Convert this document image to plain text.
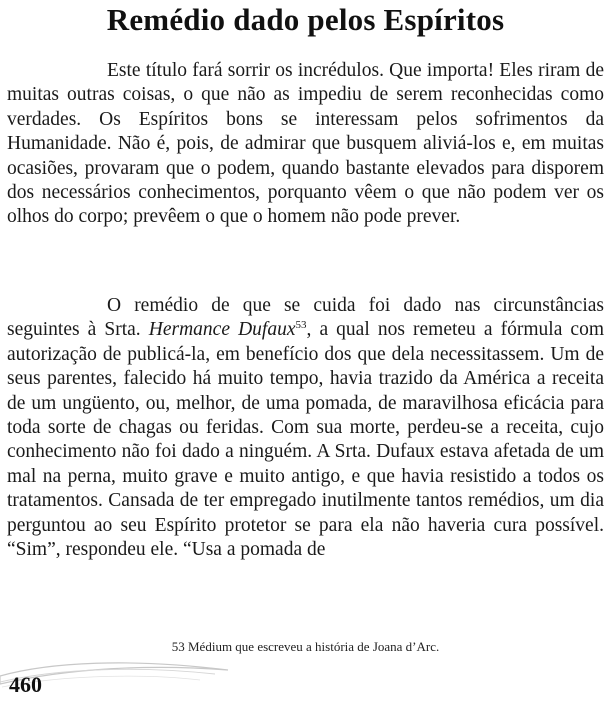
Remédio dado pelos Espíritos

Este título fará sorrir os incrédulos. Que importa! Eles riram de muitas outras coisas, o que não as impediu de serem reconhecidas como verdades. Os Espíritos bons se interessam pelos sofrimentos da Humanidade. Não é, pois, de admirar que busquem aliviá-los e, em muitas ocasiões, provaram que o podem, quando bastante elevados para disporem dos necessários conhecimentos, porquanto vêem o que não podem ver os olhos do corpo; prevêem o que o homem não pode prever.

O remédio de que se cuida foi dado nas circunstâncias seguintes à Srta. Hermance Dufaux$^{53}$, a qual nos remeteu a fórmula com autorização de publicá-la, em benefício dos que dela necessitassem. Um de seus parentes, falecido há muito tempo, havia trazido da América a receita de um ungüento, ou, melhor, de uma pomada, de maravilhosa eficácia para toda sorte de chagas ou feridas. Com sua morte, perdeu-se a receita, cujo conhecimento não foi dado a ninguém. A Srta. Dufaux estava afetada de um mal na perna, muito grave e muito antigo, e que havia resistido a todos os tratamentos. Cansada de ter empregado inutilmente tantos remédios, um dia perguntou ao seu Espírito protetor se para ela não haveria cura possível. “Sim”, respondeu ele. “Usa a pomada de

53 Médium que escreveu a história de Joana d’Arc.
460
